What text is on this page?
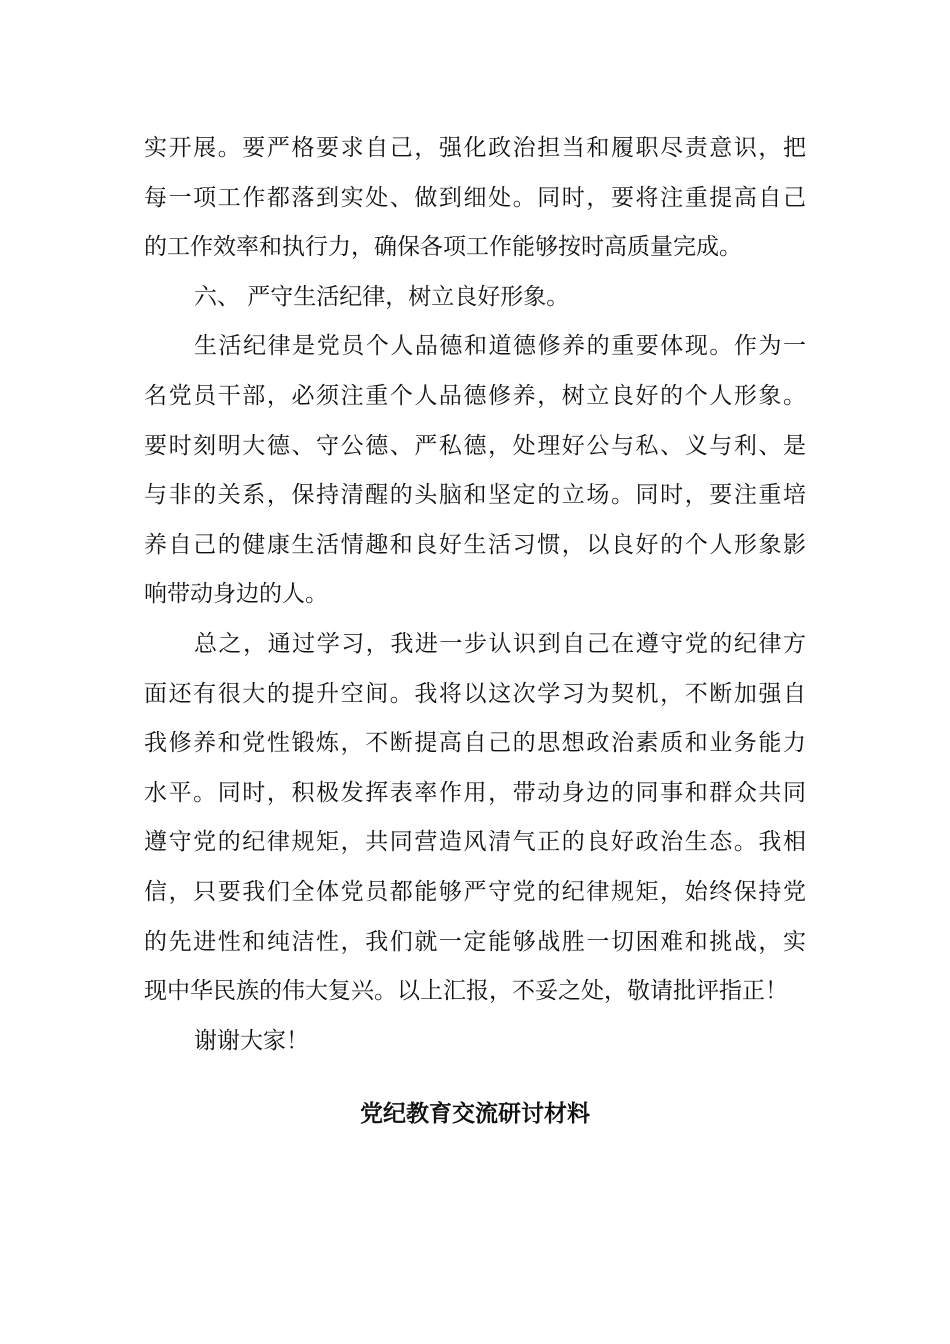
实开展。要严格要求自己，强化政治担当和履职尽责意识，把
每一项工作都落到实处、做到细处。同时，要将注重提高自己
的工作效率和执行力，确保各项工作能够按时高质量完成。
六、 严守生活纪律，树立良好形象。
生活纪律是党员个人品德和道德修养的重要体现。作为一
名党员干部，必须注重个人品德修养，树立良好的个人形象。
要时刻明大德、守公德、严私德，处理好公与私、义与利、是
与非的关系，保持清醒的头脑和坚定的立场。同时，要注重培
养自己的健康生活情趣和良好生活习惯，以良好的个人形象影
响带动身边的人。
总之，通过学习，我进一步认识到自己在遵守党的纪律方
面还有很大的提升空间。我将以这次学习为契机，不断加强自
我修养和党性锻炼，不断提高自己的思想政治素质和业务能力
水平。同时，积极发挥表率作用，带动身边的同事和群众共同
遵守党的纪律规矩，共同营造风清气正的良好政治生态。我相
信，只要我们全体党员都能够严守党的纪律规矩，始终保持党
的先进性和纯洁性，我们就一定能够战胜一切困难和挑战，实
现中华民族的伟大复兴。以上汇报，不妥之处，敬请批评指正！
谢谢大家！
党纪教育交流研讨材料
